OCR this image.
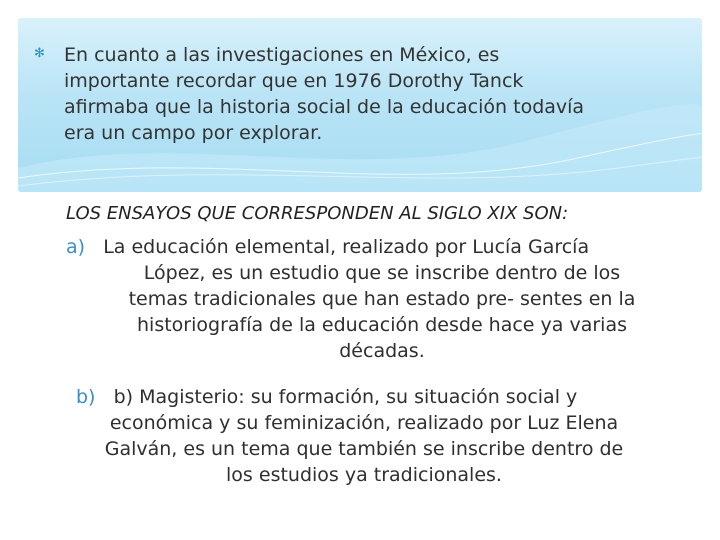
✻ En cuanto a las investigaciones en México, es
importante recordar que en 1976 Dorothy Tanck
afirmaba que la historia social de la educación todavía
era un campo por explorar.
LOS ENSAYOS QUE CORRESPONDEN AL SIGLO XIX SON:
a) La educación elemental, realizado por Lucía García
López, es un estudio que se inscribe dentro de los
temas tradicionales que han estado pre- sentes en la
historiografía de la educación desde hace ya varias
décadas.
b) b) Magisterio: su formación, su situación social y
económica y su feminización, realizado por Luz Elena
Galván, es un tema que también se inscribe dentro de
los estudios ya tradicionales.
